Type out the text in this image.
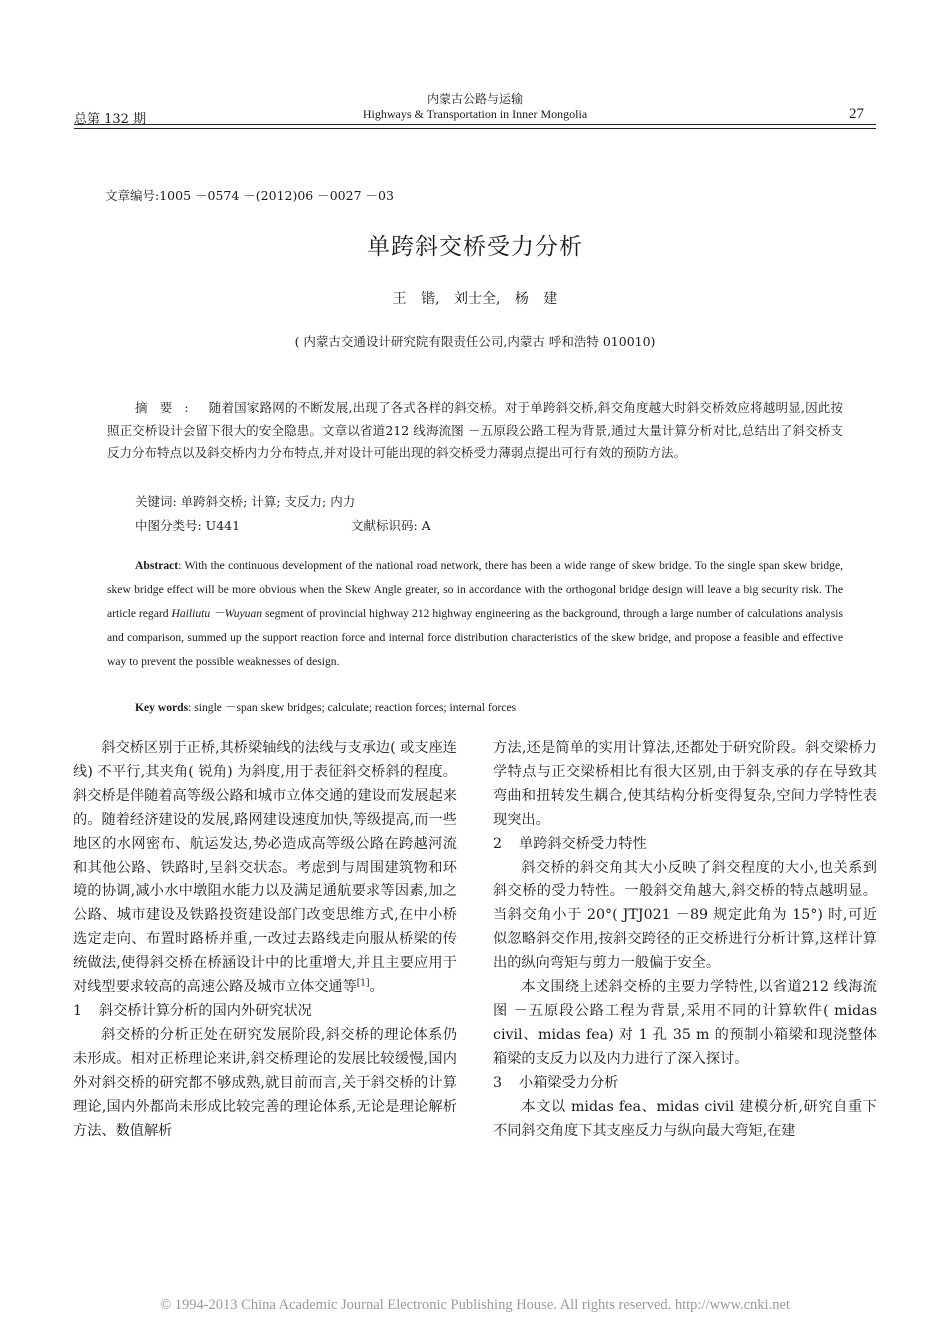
总第 132 期
内蒙古公路与运输
Highways & Transportation in Inner Mongolia	27
文章编号:1005 －0574 －(2012)06 －0027 －03
单跨斜交桥受力分析
王 锴, 刘士全, 杨 建
( 内蒙古交通设计研究院有限责任公司,内蒙古 呼和浩特 010010)
摘要: 随着国家路网的不断发展,出现了各式各样的斜交桥。对于单跨斜交桥,斜交角度越大时斜交桥效应将越明显,因此按照正交桥设计会留下很大的安全隐患。文章以省道212 线海流图 －五原段公路工程为背景,通过大量计算分析对比,总结出了斜交桥支反力分布特点以及斜交桥内力分布特点,并对设计可能出现的斜交桥受力薄弱点提出可行有效的预防方法。
关键词: 单跨斜交桥; 计算; 支反力; 内力
中图分类号: U441	文献标识码: A
Abstract: With the continuous development of the national road network, there has been a wide range of skew bridge. To the single span skew bridge, skew bridge effect will be more obvious when the Skew Angle greater, so in accordance with the orthogonal bridge design will leave a big security risk. The article regard Hailiutu －Wuyuan segment of provincial highway 212 highway engineering as the background, through a large number of calculations analysis and comparison, summed up the support reaction force and internal force distribution characteristics of the skew bridge, and propose a feasible and effective way to prevent the possible weaknesses of design.
Key words: single －span skew bridges; calculate; reaction forces; internal forces

斜交桥区别于正桥,其桥梁轴线的法线与支承边( 或支座连线) 不平行,其夹角( 锐角) 为斜度,用于表征斜交桥斜的程度。斜交桥是伴随着高等级公路和城市立体交通的建设而发展起来的。随着经济建设的发展,路网建设速度加快,等级提高,而一些地区的水网密布、航运发达,势必造成高等级公路在跨越河流和其他公路、铁路时,呈斜交状态。考虑到与周围建筑物和环境的协调,减小水中墩阻水能力以及满足通航要求等因素,加之公路、城市建设及铁路投资建设部门改变思维方式,在中小桥选定走向、布置时路桥并重,一改过去路线走向服从桥梁的传统做法,使得斜交桥在桥涵设计中的比重增大,并且主要应用于对线型要求较高的高速公路及城市立体交通等[1]。

1 斜交桥计算分析的国内外研究状况

斜交桥的分析正处在研究发展阶段,斜交桥的理论体系仍未形成。相对正桥理论来讲,斜交桥理论的发展比较缓慢,国内外对斜交桥的研究都不够成熟,就目前而言,关于斜交桥的计算理论,国内外都尚未形成比较完善的理论体系,无论是理论解析方法、数值解析

方法,还是简单的实用计算法,还都处于研究阶段。斜交梁桥力学特点与正交梁桥相比有很大区别,由于斜支承的存在导致其弯曲和扭转发生耦合,使其结构分析变得复杂,空间力学特性表现突出。

2 单跨斜交桥受力特性

斜交桥的斜交角其大小反映了斜交程度的大小,也关系到斜交桥的受力特性。一般斜交角越大,斜交桥的特点越明显。当斜交角小于 20°( JTJ021 －89 规定此角为 15°) 时,可近似忽略斜交作用,按斜交跨径的正交桥进行分析计算,这样计算出的纵向弯矩与剪力一般偏于安全。

本文围绕上述斜交桥的主要力学特性,以省道212 线海流图 －五原段公路工程为背景,采用不同的计算软件( midas civil、midas fea) 对 1 孔 35 m 的预制小箱梁和现浇整体箱梁的支反力以及内力进行了深入探讨。

3 小箱梁受力分析

本文以 midas fea、midas civil 建模分析,研究自重下不同斜交角度下其支座反力与纵向最大弯矩,在建

© 1994-2013 China Academic Journal Electronic Publishing House. All rights reserved. http://www.cnki.net
